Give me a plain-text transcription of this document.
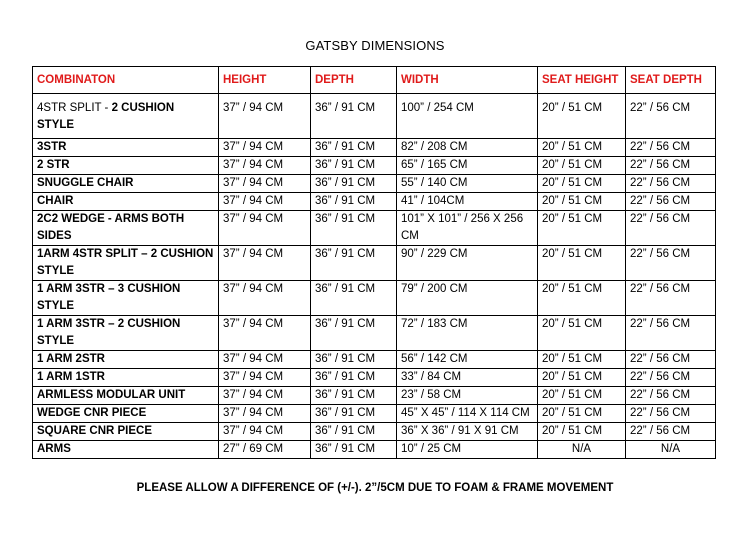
GATSBY DIMENSIONS
COMBINATON	HEIGHT	DEPTH	WIDTH	SEAT HEIGHT	SEAT DEPTH
4STR SPLIT - 2 CUSHION STYLE	37” / 94 CM	36” / 91 CM	100” / 254 CM	20” / 51 CM	22” / 56 CM
3STR	37” / 94 CM	36” / 91 CM	82” / 208 CM	20” / 51 CM	22” / 56 CM
2 STR	37” / 94 CM	36” / 91 CM	65” / 165 CM	20” / 51 CM	22” / 56 CM
SNUGGLE CHAIR	37” / 94 CM	36” / 91 CM	55” / 140 CM	20” / 51 CM	22” / 56 CM
CHAIR	37” / 94 CM	36” / 91 CM	41” / 104CM	20” / 51 CM	22” / 56 CM
2C2 WEDGE - ARMS BOTH SIDES	37” / 94 CM	36” / 91 CM	101” X 101” / 256 X 256 CM	20” / 51 CM	22” / 56 CM
1ARM 4STR SPLIT – 2 CUSHION STYLE	37” / 94 CM	36” / 91 CM	90” / 229 CM	20” / 51 CM	22” / 56 CM
1 ARM 3STR – 3 CUSHION STYLE	37” / 94 CM	36” / 91 CM	79” / 200 CM	20” / 51 CM	22” / 56 CM
1 ARM 3STR – 2 CUSHION STYLE	37” / 94 CM	36” / 91 CM	72” / 183 CM	20” / 51 CM	22” / 56 CM
1 ARM 2STR	37” / 94 CM	36” / 91 CM	56” / 142 CM	20” / 51 CM	22” / 56 CM
1 ARM 1STR	37” / 94 CM	36” / 91 CM	33” / 84 CM	20” / 51 CM	22” / 56 CM
ARMLESS MODULAR UNIT	37” / 94 CM	36” / 91 CM	23” / 58 CM	20” / 51 CM	22” / 56 CM
WEDGE CNR PIECE	37” / 94 CM	36” / 91 CM	45” X 45” / 114 X 114 CM	20” / 51 CM	22” / 56 CM
SQUARE CNR PIECE	37” / 94 CM	36” / 91 CM	36” X 36” / 91 X 91 CM	20” / 51 CM	22” / 56 CM
ARMS	27” / 69 CM	36” / 91 CM	10” / 25 CM	N/A	N/A
PLEASE ALLOW A DIFFERENCE OF (+/-). 2”/5CM DUE TO FOAM & FRAME MOVEMENT
